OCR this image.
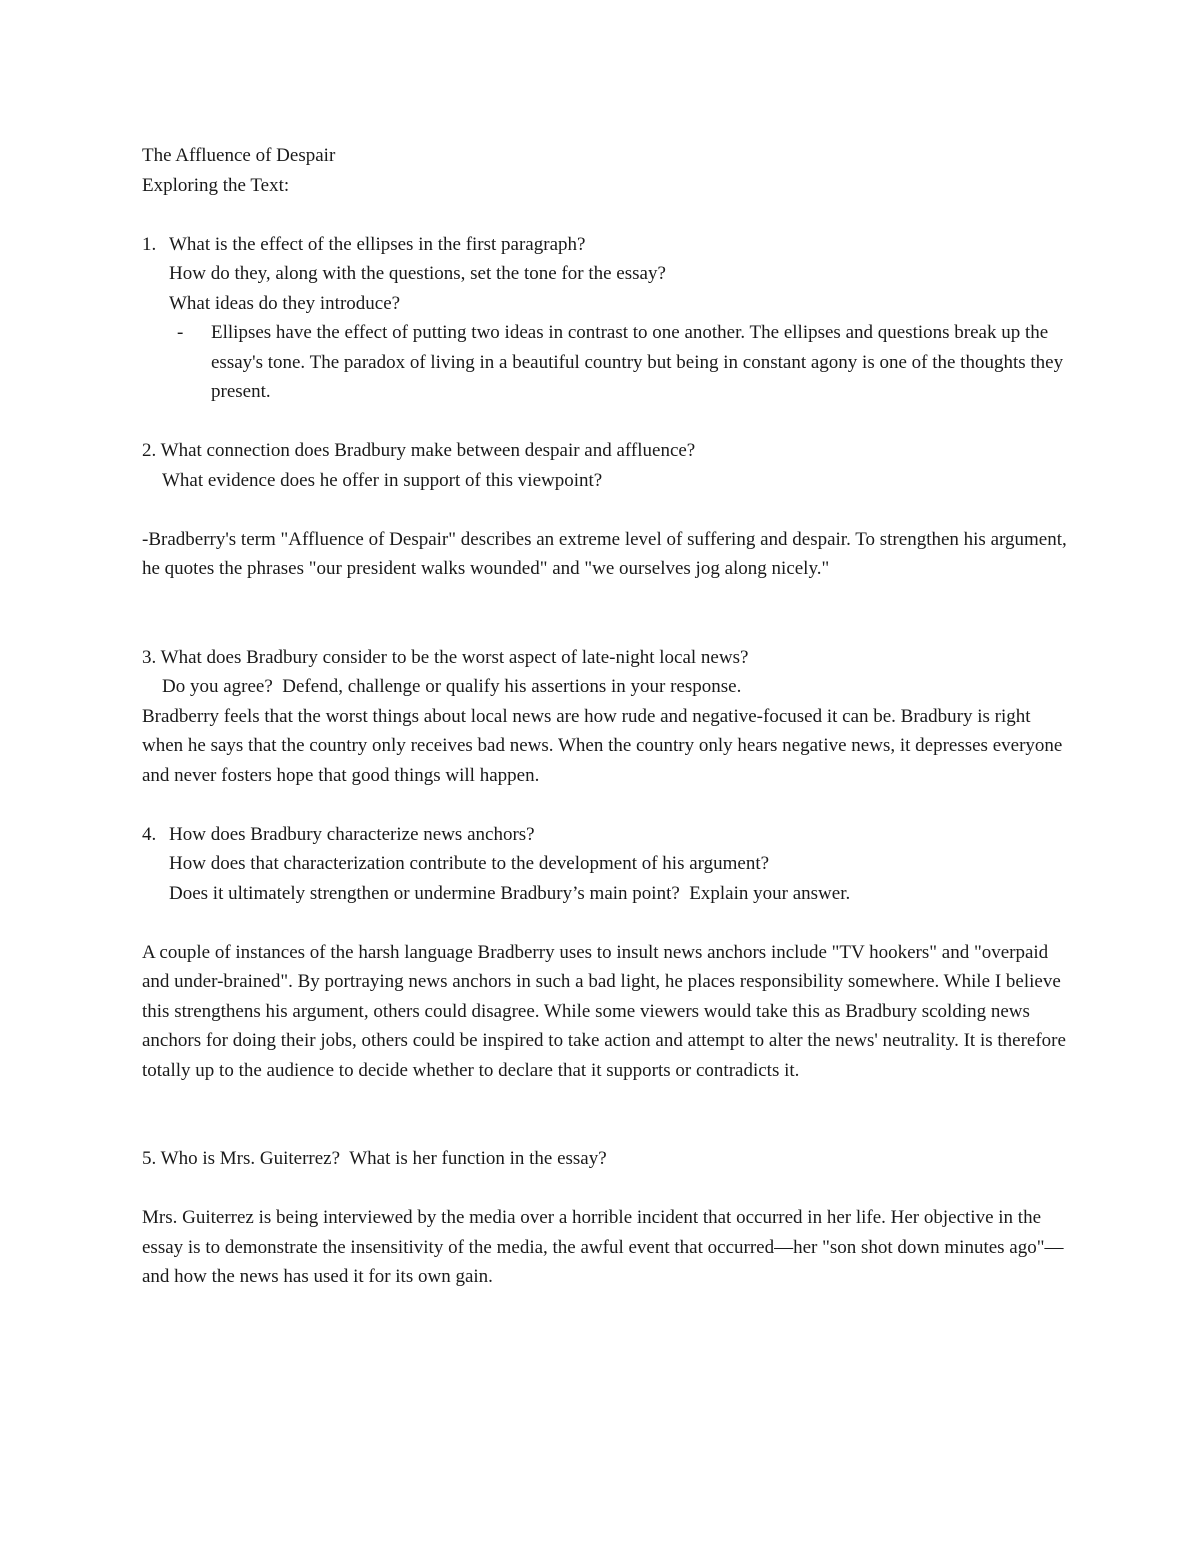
The Affluence of Despair
Exploring the Text:
1. What is the effect of the ellipses in the first paragraph?
How do they, along with the questions, set the tone for the essay?
What ideas do they introduce?
-	Ellipses have the effect of putting two ideas in contrast to one another. The ellipses and questions break up the essay's tone. The paradox of living in a beautiful country but being in constant agony is one of the thoughts they present.
2. What connection does Bradbury make between despair and affluence?
What evidence does he offer in support of this viewpoint?
-Bradberry's term "Affluence of Despair" describes an extreme level of suffering and despair. To strengthen his argument, he quotes the phrases "our president walks wounded" and "we ourselves jog along nicely."
3. What does Bradbury consider to be the worst aspect of late-night local news?
Do you agree?  Defend, challenge or qualify his assertions in your response.
Bradberry feels that the worst things about local news are how rude and negative-focused it can be. Bradbury is right when he says that the country only receives bad news. When the country only hears negative news, it depresses everyone and never fosters hope that good things will happen.
4. How does Bradbury characterize news anchors?
How does that characterization contribute to the development of his argument?
Does it ultimately strengthen or undermine Bradbury’s main point?  Explain your answer.
A couple of instances of the harsh language Bradberry uses to insult news anchors include "TV hookers" and "overpaid and under-brained". By portraying news anchors in such a bad light, he places responsibility somewhere. While I believe this strengthens his argument, others could disagree. While some viewers would take this as Bradbury scolding news anchors for doing their jobs, others could be inspired to take action and attempt to alter the news' neutrality. It is therefore totally up to the audience to decide whether to declare that it supports or contradicts it.
5. Who is Mrs. Guiterrez?  What is her function in the essay?
Mrs. Guiterrez is being interviewed by the media over a horrible incident that occurred in her life. Her objective in the essay is to demonstrate the insensitivity of the media, the awful event that occurred—her "son shot down minutes ago"—and how the news has used it for its own gain.
